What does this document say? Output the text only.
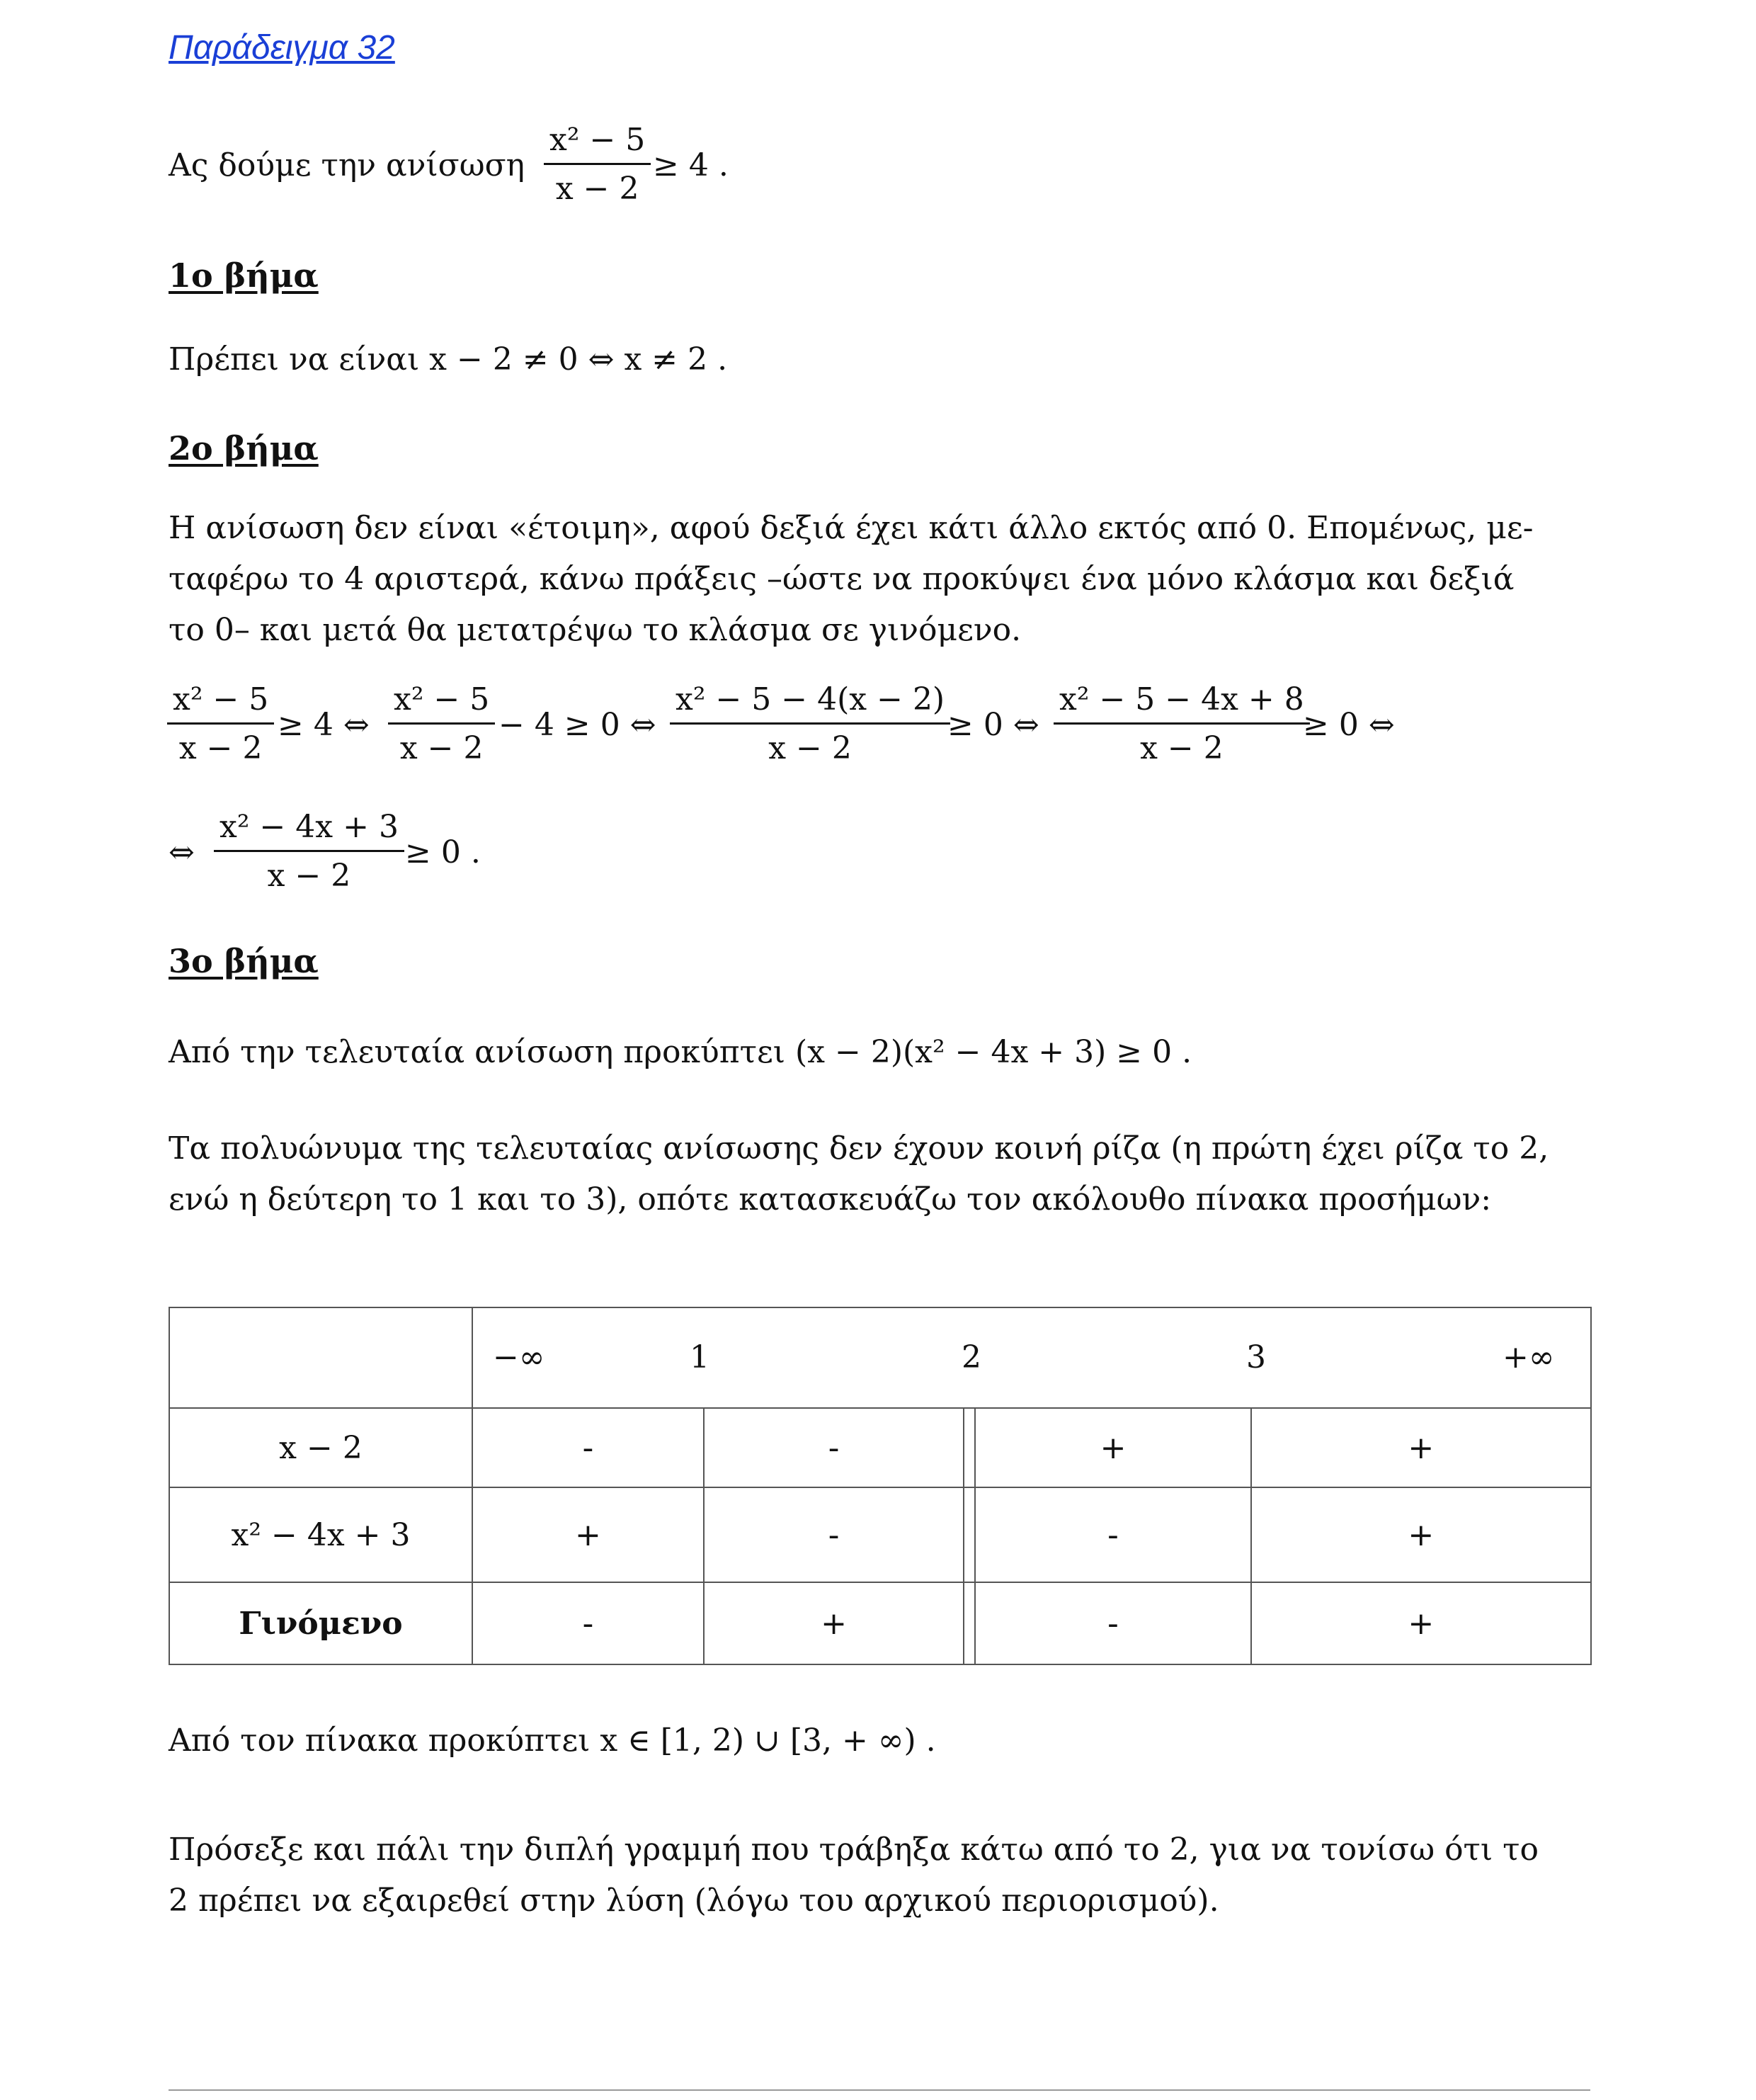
Παράδειγμα 32
Ας δούμε την ανίσωση
x² − 5
x − 2
≥ 4 .
1ο βήμα
Πρέπει να είναι x − 2 ≠ 0 ⇔ x ≠ 2 .
2ο βήμα
Η ανίσωση δεν είναι «έτοιμη», αφού δεξιά έχει κάτι άλλο εκτός από 0. Επομένως, με-
ταφέρω το 4 αριστερά, κάνω πράξεις –ώστε να προκύψει ένα μόνο κλάσμα και δεξιά
το 0– και μετά θα μετατρέψω το κλάσμα σε γινόμενο.
x² − 5
x − 2
≥ 4 ⇔
x² − 5
x − 2
− 4 ≥ 0 ⇔
x² − 5 − 4(x − 2)
x − 2
≥ 0 ⇔
x² − 5 − 4x + 8
x − 2
≥ 0 ⇔
⇔
x² − 4x + 3
x − 2
≥ 0 .
3ο βήμα
Από την τελευταία ανίσωση προκύπτει (x − 2)(x² − 4x + 3) ≥ 0 .
Τα πολυώνυμα της τελευταίας ανίσωσης δεν έχουν κοινή ρίζα (η πρώτη έχει ρίζα το 2,
ενώ η δεύτερη το 1 και το 3), οπότε κατασκευάζω τον ακόλουθο πίνακα προσήμων:

	−∞ 1 2 3 +∞				

x − 2	-	-		+	+
x² − 4x + 3	+	-		-	+
Γινόμενο	-	+		-	+
Από τον πίνακα προκύπτει x ∈ [1, 2) ∪ [3, + ∞) .
Πρόσεξε και πάλι την διπλή γραμμή που τράβηξα κάτω από το 2, για να τονίσω ότι το
2 πρέπει να εξαιρεθεί στην λύση (λόγω του αρχικού περιορισμού).
